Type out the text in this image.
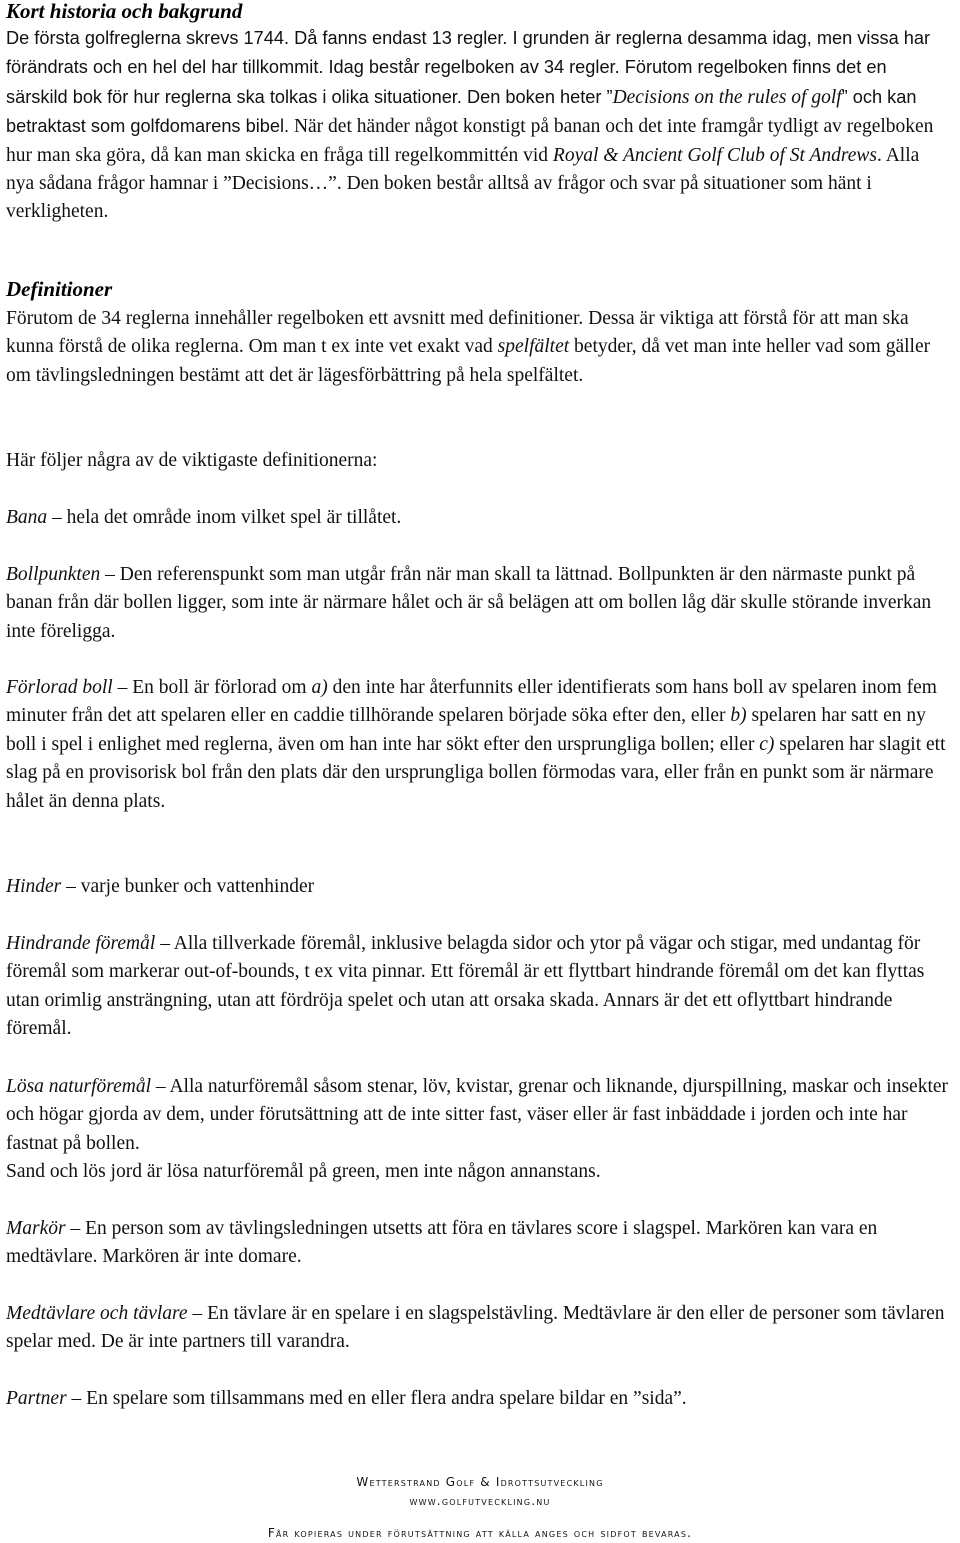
Kort historia och bakgrund

De första golfreglerna skrevs 1744. Då fanns endast 13 regler. I grunden är reglerna desamma idag, men vissa har förändrats och en hel del har tillkommit. Idag består regelboken av 34 regler. Förutom regelboken finns det en särskild bok för hur reglerna ska tolkas i olika situationer. Den boken heter ”Decisions on the rules of golf” och kan betraktast som golfdomarens bibel. När det händer något konstigt på banan och det inte framgår tydligt av regelboken hur man ska göra, då kan man skicka en fråga till regelkommittén vid Royal & Ancient Golf Club of St Andrews. Alla nya sådana frågor hamnar i ”Decisions…”. Den boken består alltså av frågor och svar på situationer som hänt i verkligheten.

Definitioner

Förutom de 34 reglerna innehåller regelboken ett avsnitt med definitioner. Dessa är viktiga att förstå för att man ska kunna förstå de olika reglerna. Om man t ex inte vet exakt vad spelfältet betyder, då vet man inte heller vad som gäller om tävlingsledningen bestämt att det är lägesförbättring på hela spelfältet.

Här följer några av de viktigaste definitionerna:

Bana – hela det område inom vilket spel är tillåtet.

Bollpunkten – Den referenspunkt som man utgår från när man skall ta lättnad. Bollpunkten är den närmaste punkt på banan från där bollen ligger, som inte är närmare hålet och är så belägen att om bollen låg där skulle störande inverkan inte föreligga.

Förlorad boll – En boll är förlorad om a) den inte har återfunnits eller identifierats som hans boll av spelaren inom fem minuter från det att spelaren eller en caddie tillhörande spelaren började söka efter den, eller b) spelaren har satt en ny boll i spel i enlighet med reglerna, även om han inte har sökt efter den ursprungliga bollen; eller c) spelaren har slagit ett slag på en provisorisk bol från den plats där den ursprungliga bollen förmodas vara, eller från en punkt som är närmare hålet än denna plats.

Hinder – varje bunker och vattenhinder

Hindrande föremål – Alla tillverkade föremål, inklusive belagda sidor och ytor på vägar och stigar, med undantag för föremål som markerar out-of-bounds, t ex vita pinnar. Ett föremål är ett flyttbart hindrande föremål om det kan flyttas utan orimlig ansträngning, utan att fördröja spelet och utan att orsaka skada. Annars är det ett oflyttbart hindrande föremål.

Lösa naturföremål – Alla naturföremål såsom stenar, löv, kvistar, grenar och liknande, djurspillning, maskar och insekter och högar gjorda av dem, under förutsättning att de inte sitter fast, väser eller är fast inbäddade i jorden och inte har fastnat på bollen.
Sand och lös jord är lösa naturföremål på green, men inte någon annanstans.

Markör – En person som av tävlingsledningen utsetts att föra en tävlares score i slagspel. Markören kan vara en medtävlare. Markören är inte domare.

Medtävlare och tävlare – En tävlare är en spelare i en slagspelstävling. Medtävlare är den eller de personer som tävlaren spelar med. De är inte partners till varandra.

Partner – En spelare som tillsammans med en eller flera andra spelare bildar en ”sida”.

Wetterstrand Golf & Idrottsutveckling
www.golfutveckling.nu
Får kopieras under förutsättning att källa anges och sidfot bevaras.
